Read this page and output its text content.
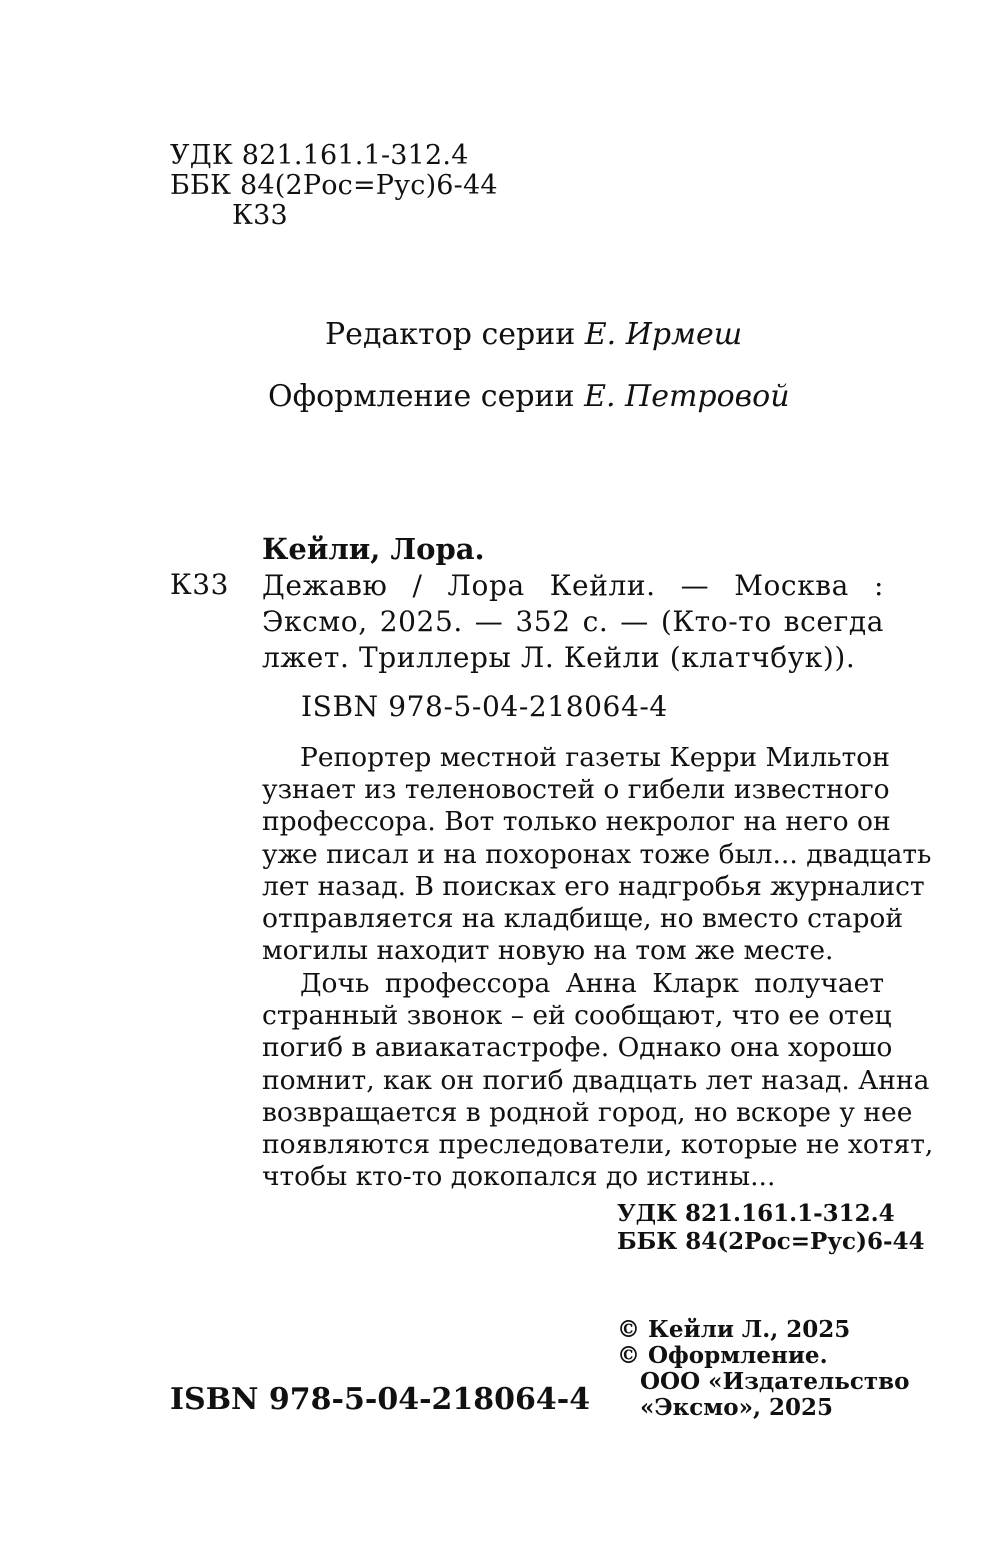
УДК 821.161.1-312.4
ББК 84(2Рос=Рус)6-44
К33
Редактор серии Е. Ирмеш
Оформление серии Е. Петровой
Кейли, Лора.
К33 Дежавю / Лора Кейли. — Москва :
Эксмо, 2025. — 352 с. — (Кто-то всегда
лжет. Триллеры Л. Кейли (клатчбук)).
ISBN 978-5-04-218064-4
Репортер местной газеты Керри Мильтон
узнает из теленовостей о гибели известного
профессора. Вот только некролог на него он
уже писал и на похоронах тоже был... двадцать
лет назад. В поисках его надгробья журналист
отправляется на кладбище, но вместо старой
могилы находит новую на том же месте.
Дочь профессора Анна Кларк получает
странный звонок – ей сообщают, что ее отец
погиб в авиакатастрофе. Однако она хорошо
помнит, как он погиб двадцать лет назад. Анна
возвращается в родной город, но вскоре у нее
появляются преследователи, которые не хотят,
чтобы кто-то докопался до истины...
УДК 821.161.1-312.4
ББК 84(2Рос=Рус)6-44
© Кейли Л., 2025
© Оформление.
ООО «Издательство
«Эксмо», 2025
ISBN 978-5-04-218064-4
